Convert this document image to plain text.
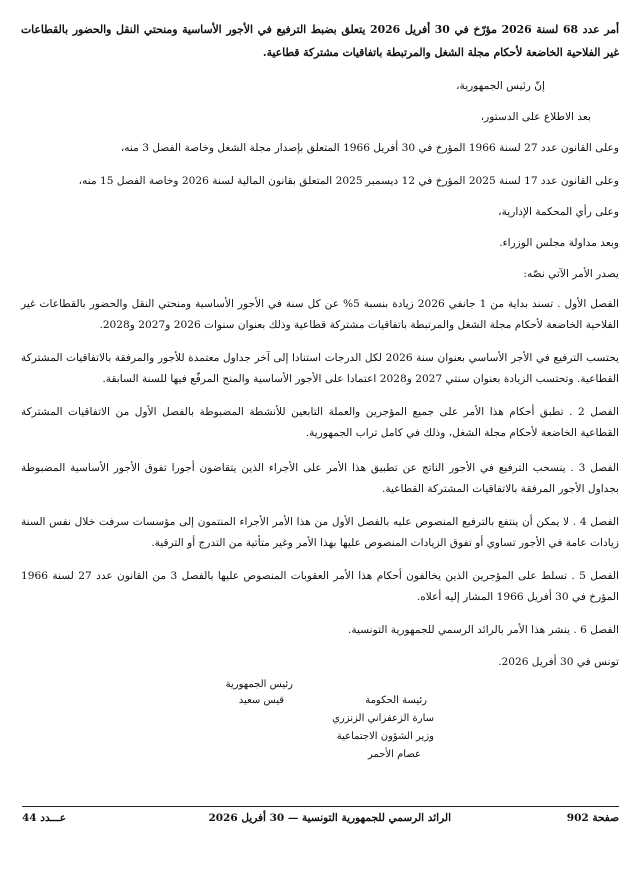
أمر عدد 68 لسنة 2026 مؤرّخ في 30 أفريل 2026 يتعلق بضبط الترفيع في الأجور الأساسية ومنحتي النقل والحضور بالقطاعات غير الفلاحية الخاضعة لأحكام مجلة الشغل والمرتبطة باتفاقيات مشتركة قطاعية.

إنّ رئيس الجمهورية،

بعد الاطلاع على الدستور،

وعلى القانون عدد 27 لسنة 1966 المؤرخ في 30 أفريل 1966 المتعلق بإصدار مجلة الشغل وخاصة الفصل 3 منه،

وعلى القانون عدد 17 لسنة 2025 المؤرخ في 12 ديسمبر 2025 المتعلق بقانون المالية لسنة 2026 وخاصة الفصل 15 منه،

وعلى رأي المحكمة الإدارية،

وبعد مداولة مجلس الوزراء.

يصدر الأمر الآتي نصّه:

الفصل الأول . تسند بداية من 1 جانفي 2026 زيادة بنسبة 5% عن كل سنة في الأجور الأساسية ومنحتي النقل والحضور بالقطاعات غير الفلاحية الخاضعة لأحكام مجلة الشغل والمرتبطة باتفاقيات مشتركة قطاعية وذلك بعنوان سنوات 2026 و2027 و2028.

يحتسب الترفيع في الأجر الأساسي بعنوان سنة 2026 لكل الدرجات استنادا إلى آخر جداول معتمدة للأجور والمرفقة بالاتفاقيات المشتركة القطاعية. وتحتسب الزيادة بعنوان سنتي 2027 و2028 اعتمادا على الأجور الأساسية والمنح المرفّع فيها للسنة السابقة.

الفصل 2 . تطبق أحكام هذا الأمر على جميع المؤجرين والعملة التابعين للأنشطة المضبوطة بالفصل الأول من الاتفاقيات المشتركة القطاعية الخاضعة لأحكام مجلة الشغل، وذلك في كامل تراب الجمهورية.

الفصل 3 . ينسحب الترفيع في الأجور الناتج عن تطبيق هذا الأمر على الأجراء الذين يتقاضون أجورا تفوق الأجور الأساسية المضبوطة بجداول الأجور المرفقة بالاتفاقيات المشتركة القطاعية.

الفصل 4 . لا يمكن أن ينتفع بالترفيع المنصوص عليه بالفصل الأول من هذا الأمر الأجراء المنتمون إلى مؤسسات سرفت خلال نفس السنة زيادات عامة في الأجور تساوي أو تفوق الزيادات المنصوص عليها بهذا الأمر وغير متأتية من التدرج أو الترقية.

الفصل 5 . تسلط على المؤجرين الذين يخالفون أحكام هذا الأمر العقوبات المنصوص عليها بالفصل 3 من القانون عدد 27 لسنة 1966 المؤرخ في 30 أفريل 1966 المشار إليه أعلاه.

الفصل 6 . ينشر هذا الأمر بالرائد الرسمي للجمهورية التونسية.

تونس في 30 أفريل 2026.

رئيس الجمهورية

قيس سعيد	رئيسة الحكومة

سارة الزعفراني الزنزري

وزير الشؤون الاجتماعية

عصام الأحمر

صفحة 902

الرائد الرسمي للجمهورية التونسية — 30 أفريل 2026

عـــدد 44
